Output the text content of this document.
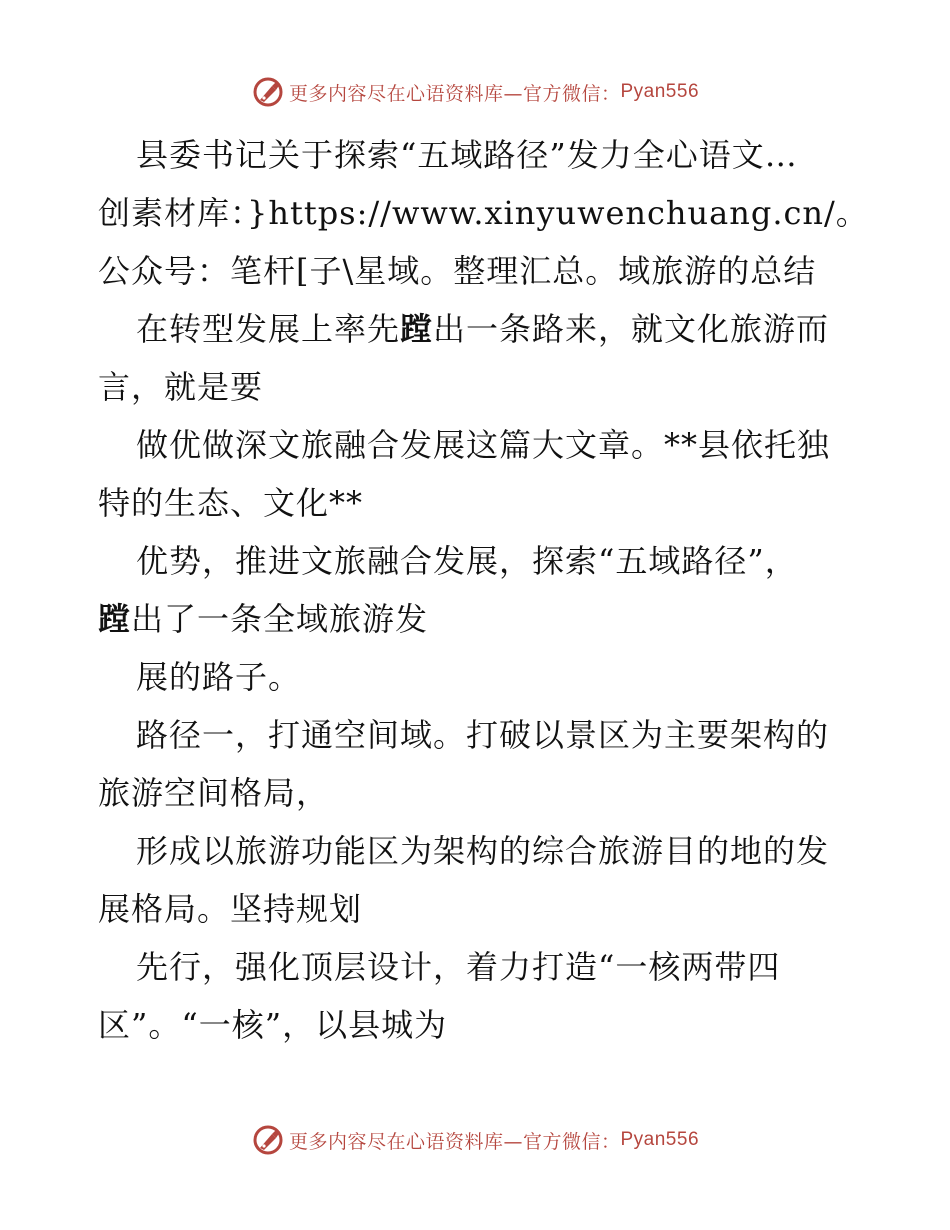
更多内容尽在心语资料库—官方微信： Pyan556
县委书记关于探索“五域路径”发力全心语文…
创素材库：}https://www.xinyuwenchuang.cn/。
公众号：笔杆[子\星域。整理汇总。域旅游的总结
在转型发展上率先蹚出一条路来，就文化旅游而
言，就是要
做优做深文旅融合发展这篇大文章。**县依托独
特的生态、文化**
优势，推进文旅融合发展，探索“五域路径”，
蹚出了一条全域旅游发
展的路子。
路径一，打通空间域。打破以景区为主要架构的
旅游空间格局，
形成以旅游功能区为架构的综合旅游目的地的发
展格局。坚持规划
先行，强化顶层设计，着力打造“一核两带四
区”。“一核”，以县城为
更多内容尽在心语资料库—官方微信： Pyan556
